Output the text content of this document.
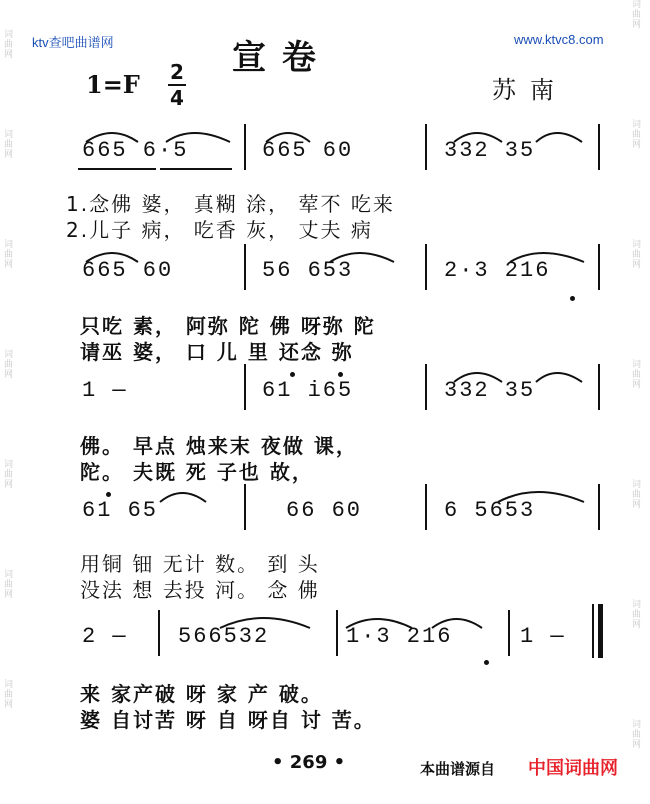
词曲网
词曲网
词曲网
词曲网
词曲网
词曲网
词曲网
词曲网
词曲网
词曲网
词曲网
词曲网
词曲网
词曲网
ktv查吧曲谱网	www.ktvc8.com
宣 卷
1=F 2
4	苏南
665 6·5	665 60	332 35
1.念佛 婆， 真糊 涂， 荤不 吃来
2.儿子 病， 吃香 灰， 丈夫 病
665 60	56 653	2·3 216
只吃 素， 阿弥 陀 佛 呀弥 陀
请巫 婆， 口 儿 里 还念 弥
1 —	61 i65	332 35
佛。 早点 烛来末 夜做 课，
陀。 夫既 死 子也 故，
61 65	66 60	6 5653
用铜 钿 无计 数。 到 头
没法 想 去投 河。 念 佛
2 — 566532	1·3 216	1 —
来 家产破 呀 家 产 破。
婆 自讨苦 呀 自 呀自 讨 苦。
• 269 •	本曲谱源自 中国词曲网
